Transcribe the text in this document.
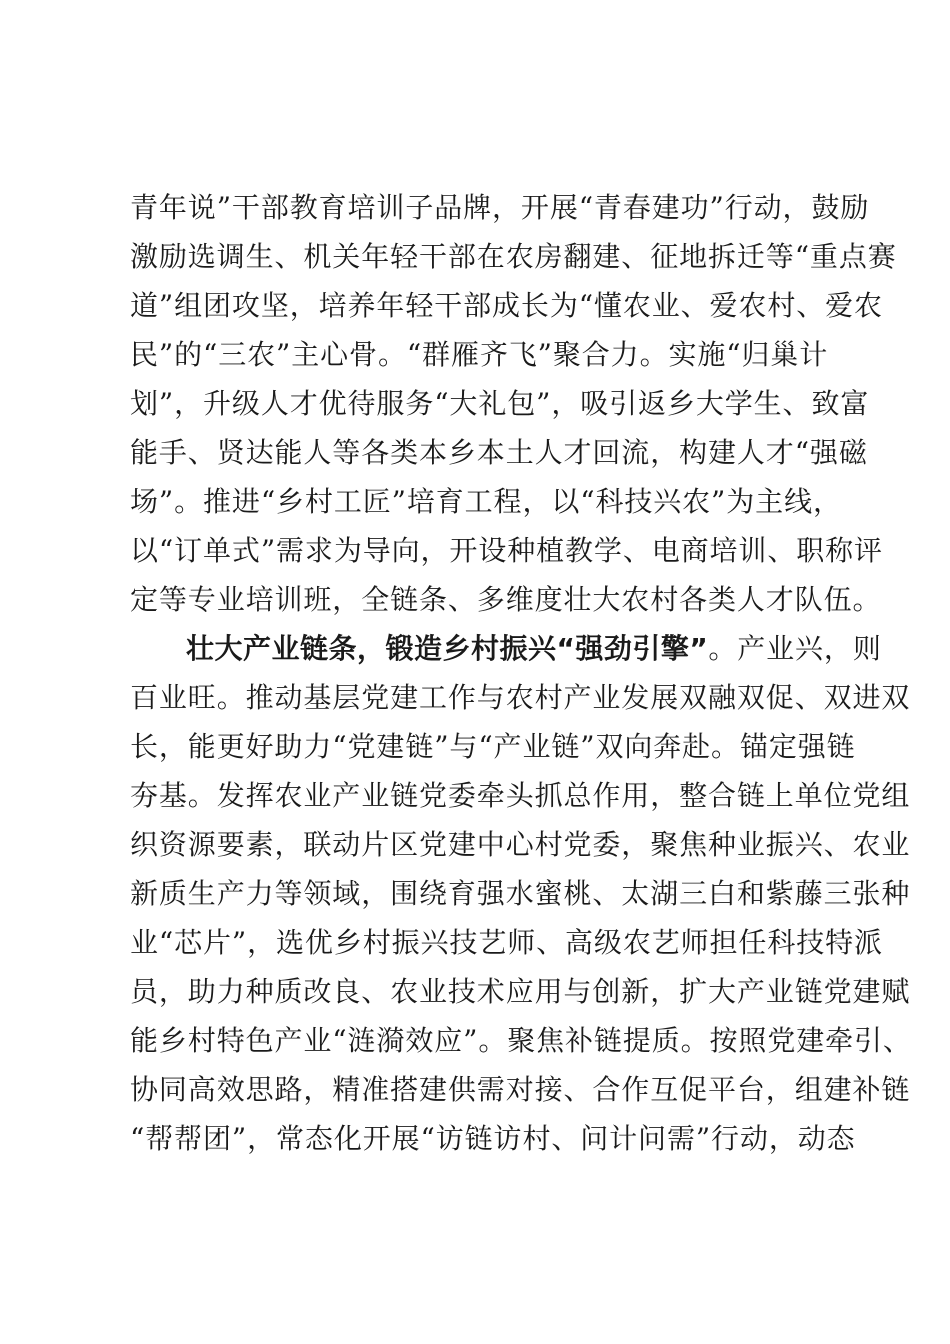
青年说”干部教育培训子品牌，开展“青春建功”行动，鼓励
激励选调生、机关年轻干部在农房翻建、征地拆迁等“重点赛
道”组团攻坚，培养年轻干部成长为“懂农业、爱农村、爱农
民”的“三农”主心骨。“群雁齐飞”聚合力。实施“归巢计
划”，升级人才优待服务“大礼包”，吸引返乡大学生、致富
能手、贤达能人等各类本乡本土人才回流，构建人才“强磁
场”。推进“乡村工匠”培育工程，以“科技兴农”为主线，
以“订单式”需求为导向，开设种植教学、电商培训、职称评
定等专业培训班，全链条、多维度壮大农村各类人才队伍。
壮大产业链条，锻造乡村振兴“强劲引擎”。产业兴，则
百业旺。推动基层党建工作与农村产业发展双融双促、双进双
长，能更好助力“党建链”与“产业链”双向奔赴。锚定强链
夯基。发挥农业产业链党委牵头抓总作用，整合链上单位党组
织资源要素，联动片区党建中心村党委，聚焦种业振兴、农业
新质生产力等领域，围绕育强水蜜桃、太湖三白和紫藤三张种
业“芯片”，选优乡村振兴技艺师、高级农艺师担任科技特派
员，助力种质改良、农业技术应用与创新，扩大产业链党建赋
能乡村特色产业“涟漪效应”。聚焦补链提质。按照党建牵引、
协同高效思路，精准搭建供需对接、合作互促平台，组建补链
“帮帮团”，常态化开展“访链访村、问计问需”行动，动态
